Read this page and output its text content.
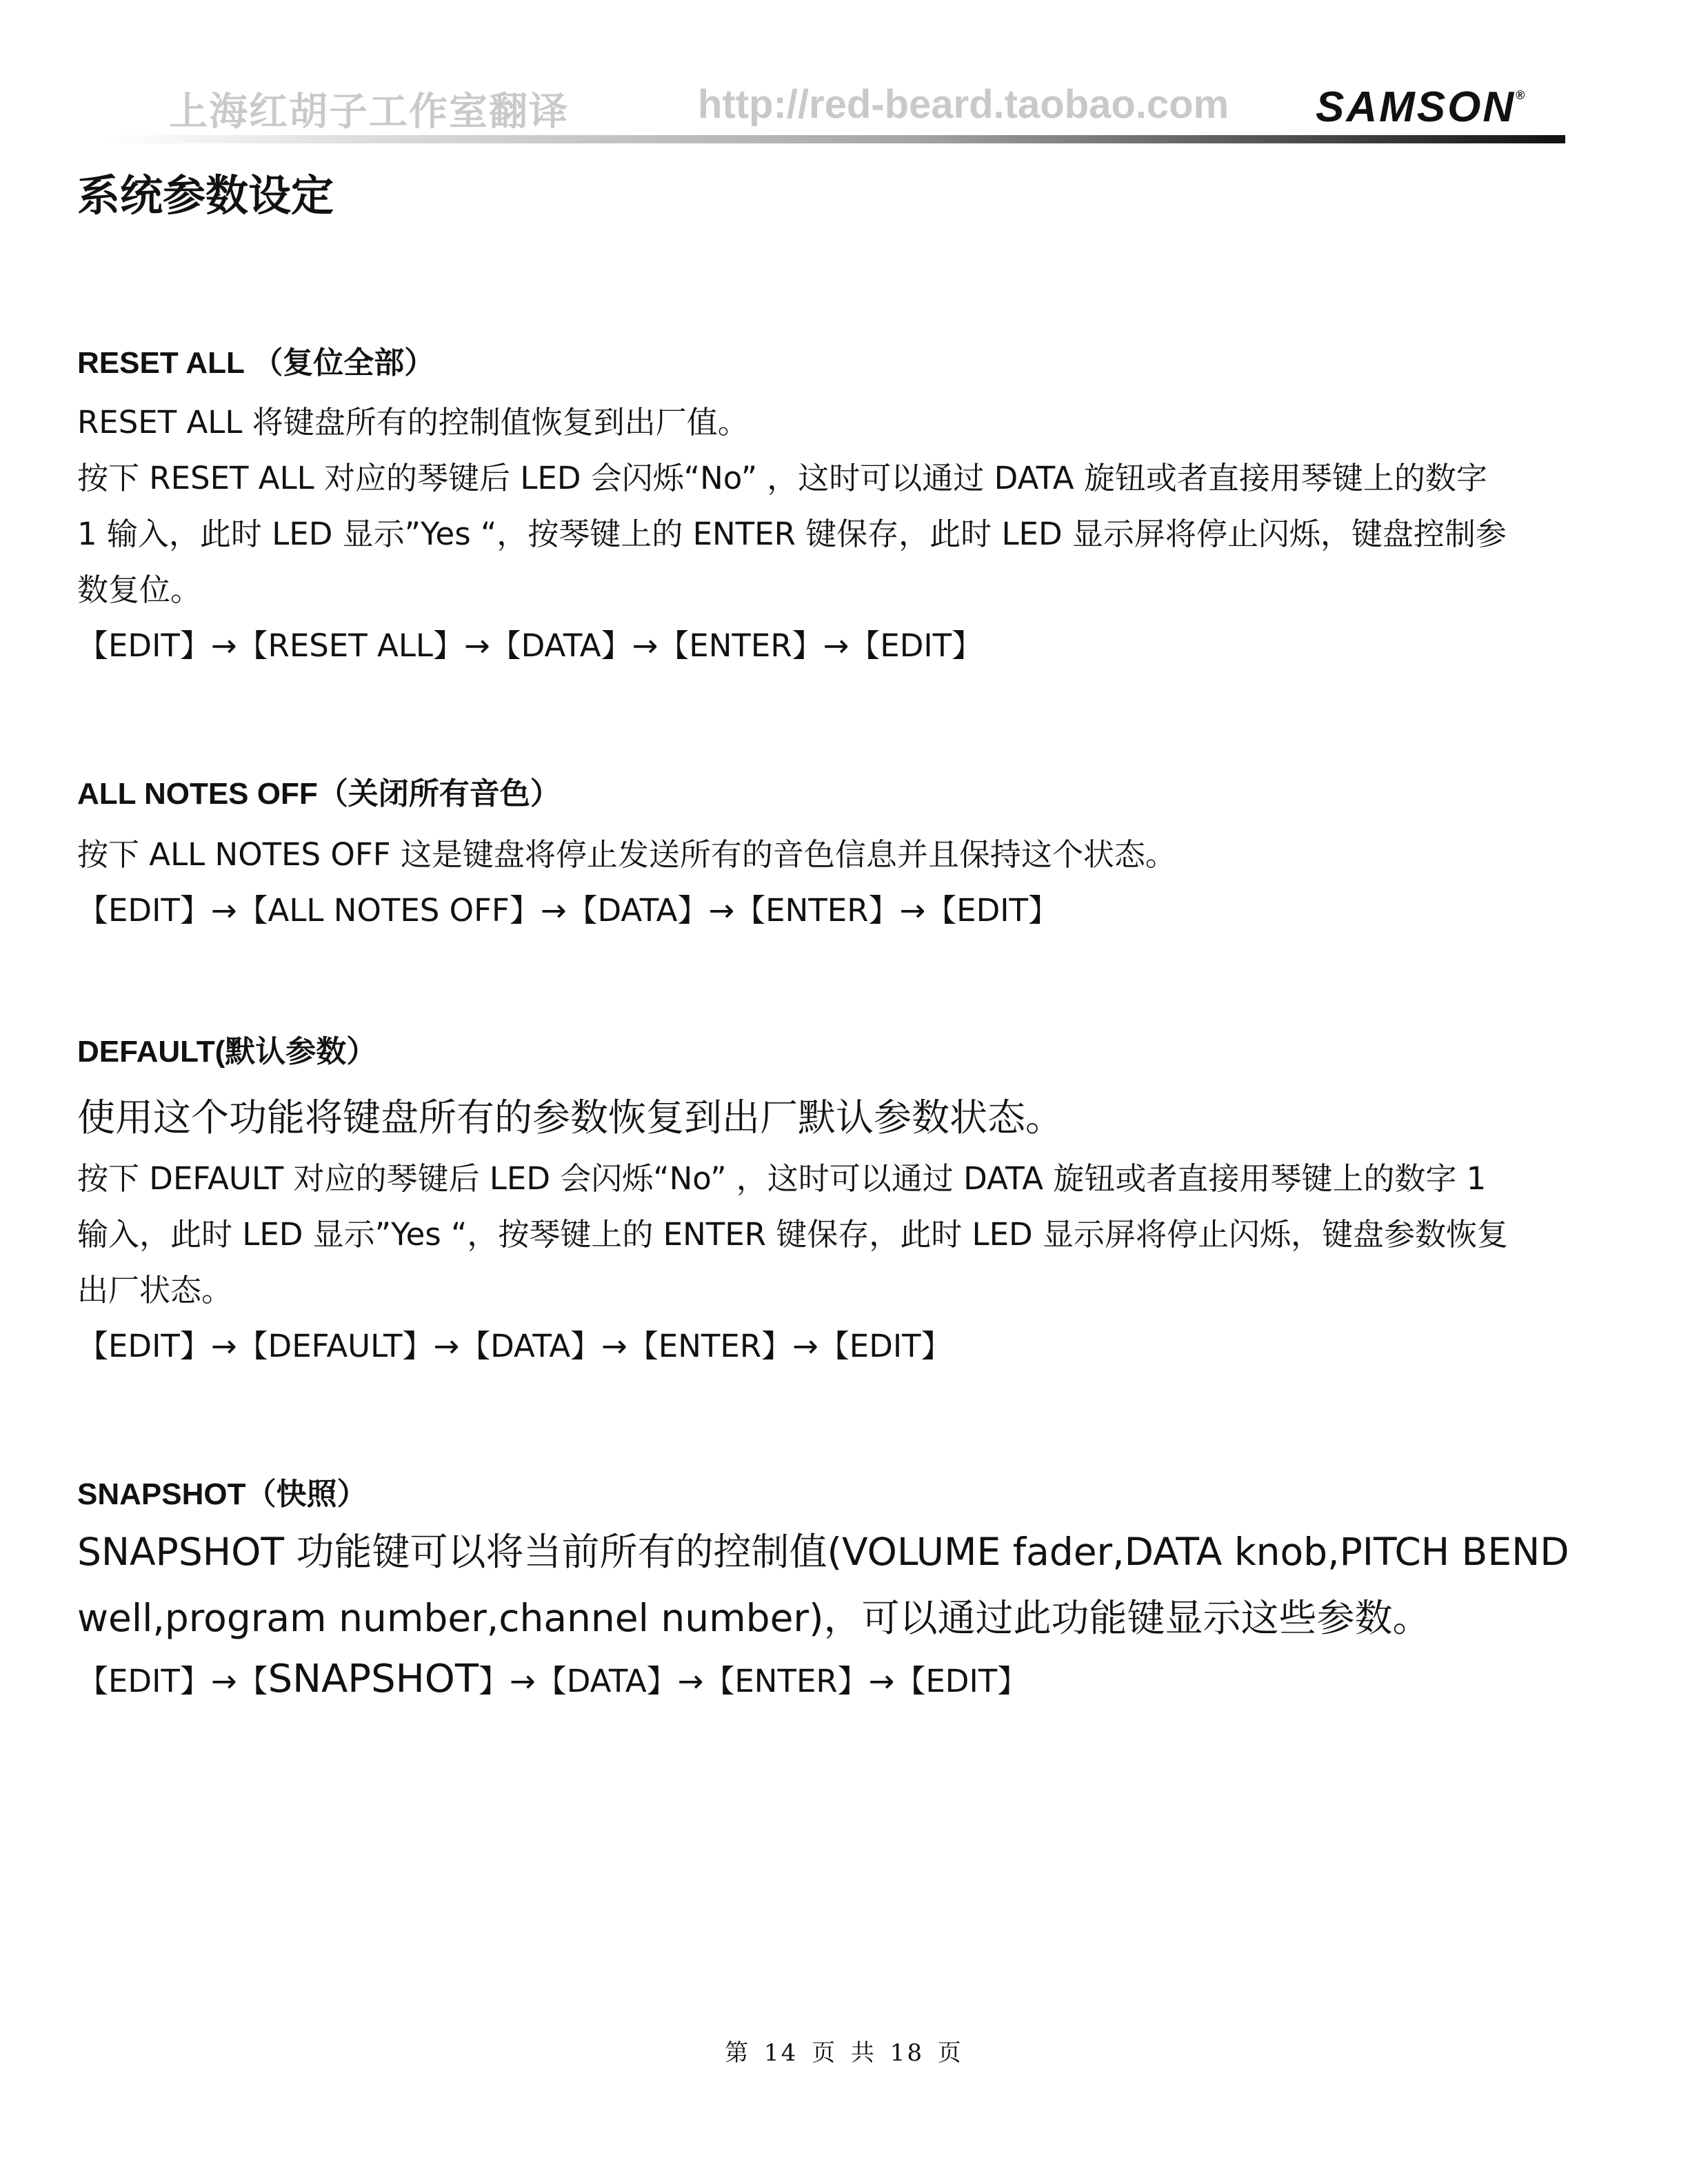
上海红胡子工作室翻译	http://red-beard.taobao.com SAMSON®
系统参数设定
RESET ALL （复位全部）

RESET ALL 将键盘所有的控制值恢复到出厂值。

按下 RESET ALL 对应的琴键后 LED 会闪烁“No” ，这时可以通过 DATA 旋钮或者直接用琴键上的数字

1 输入，此时 LED 显示”Yes “，按琴键上的 ENTER 键保存，此时 LED 显示屏将停止闪烁，键盘控制参

数复位。

【EDIT】→【RESET ALL】→【DATA】→【ENTER】→【EDIT】

ALL NOTES OFF（关闭所有音色）

按下 ALL NOTES OFF 这是键盘将停止发送所有的音色信息并且保持这个状态。

【EDIT】→【ALL NOTES OFF】→【DATA】→【ENTER】→【EDIT】

DEFAULT(默认参数）

使用这个功能将键盘所有的参数恢复到出厂默认参数状态。

按下 DEFAULT 对应的琴键后 LED 会闪烁“No” ，这时可以通过 DATA 旋钮或者直接用琴键上的数字 1

输入，此时 LED 显示”Yes “，按琴键上的 ENTER 键保存，此时 LED 显示屏将停止闪烁，键盘参数恢复

出厂状态。

【EDIT】→【DEFAULT】→【DATA】→【ENTER】→【EDIT】

SNAPSHOT（快照）

SNAPSHOT 功能键可以将当前所有的控制值(VOLUME fader,DATA knob,PITCH BEND

well,program number,channel number)，可以通过此功能键显示这些参数。

【EDIT】→【SNAPSHOT】→【DATA】→【ENTER】→【EDIT】

第 14 页 共 18 页
